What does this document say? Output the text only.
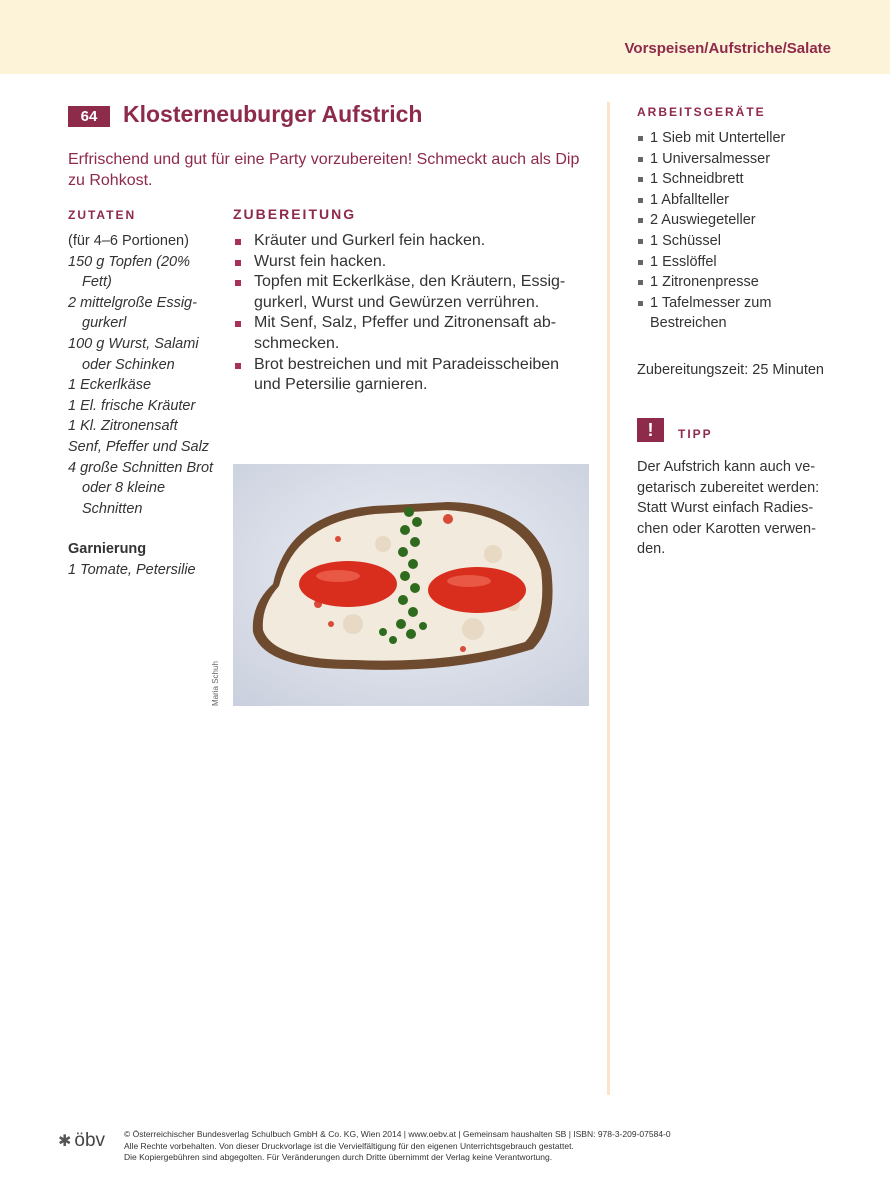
Vorspeisen/Aufstriche/Salate
64	Klosterneuburger Aufstrich

Erfrischend und gut für eine Party vorzubereiten! Schmeckt auch als Dip zu Rohkost.

ZUTATEN
(für 4–6 Portionen)
150 g Topfen (20% Fett)
2 mittelgroße Essig-gurkerl
100 g Wurst, Salami oder Schinken
1 Eckerlkäse
1 El. frische Kräuter
1 Kl. Zitronensaft
Senf, Pfeffer und Salz
4 große Schnitten Brot oder 8 kleine Schnitten
Garnierung
1 Tomate, Petersilie
ZUBEREITUNG
Kräuter und Gurkerl fein hacken.
Wurst fein hacken.
Topfen mit Eckerlkäse, den Kräutern, Essig-gurkerl, Wurst und Gewürzen verrühren.
Mit Senf, Salz, Pfeffer und Zitronensaft ab-schmecken.
Brot bestreichen und mit Paradeisscheiben und Petersilie garnieren.
Maria Schuh
ARBEITSGERÄTE
1 Sieb mit Unterteller
1 Universalmesser
1 Schneidbrett
1 Abfallteller
2 Auswiegeteller
1 Schüssel
1 Esslöffel
1 Zitronenpresse
1 Tafelmesser zum Bestreichen
Zubereitungszeit: 25 Minuten
!	TIPP

Der Aufstrich kann auch ve-getarisch zubereitet werden: Statt Wurst einfach Radies-chen oder Karotten verwen-den.

✱ öbv © Österreichischer Bundesverlag Schulbuch GmbH & Co. KG, Wien 2014 | www.oebv.at | Gemeinsam haushalten SB | ISBN: 978-3-209-07584-0
Alle Rechte vorbehalten. Von dieser Druckvorlage ist die Vervielfältigung für den eigenen Unterrichtsgebrauch gestattet.
Die Kopiergebühren sind abgegolten. Für Veränderungen durch Dritte übernimmt der Verlag keine Verantwortung.
